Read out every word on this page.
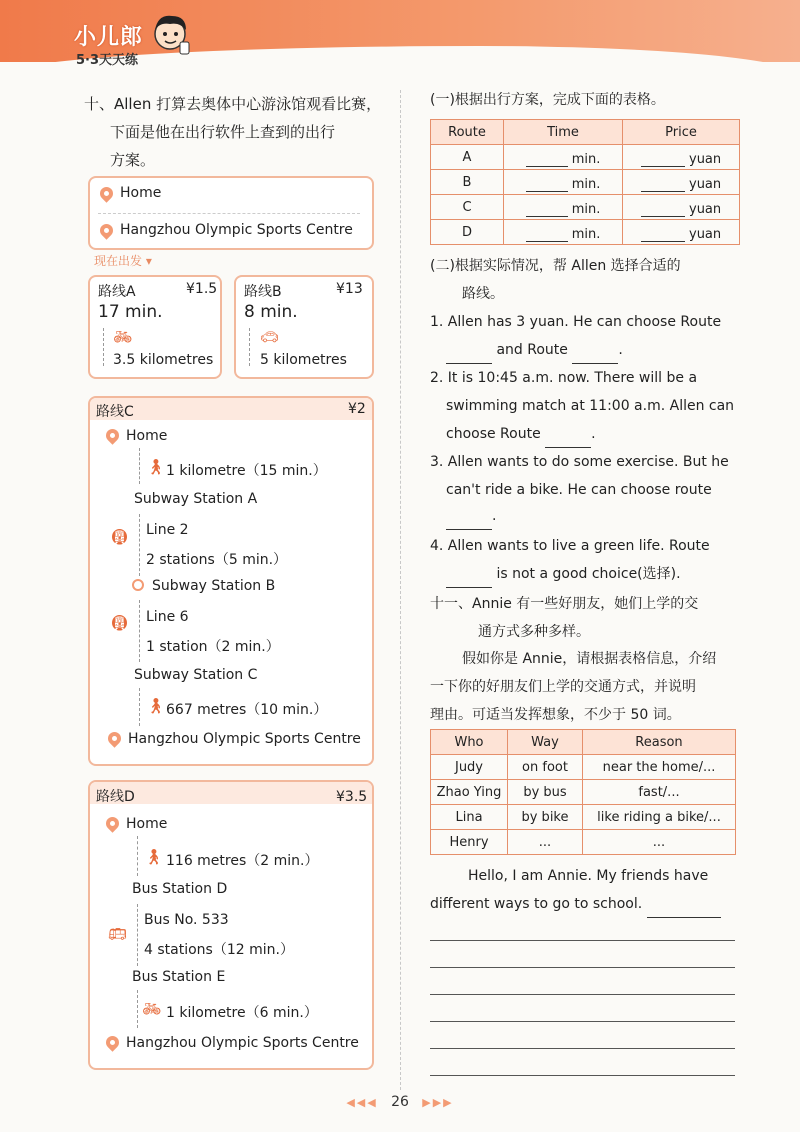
小儿郎
5·3天天练
十、Allen 打算去奥体中心游泳馆观看比赛，
下面是他在出行软件上查到的出行
方案。
Home
Hangzhou Olympic Sports Centre
现在出发 ▾
路线A	¥1.5
17 min.
🚲︎
3.5 kilometres
路线B	¥13
8 min.
🚗︎
5 kilometres
路线C	¥2
Home
🚶︎ 1 kilometre（15 min.）
Subway Station A
🚇︎ Line 2
2 stations（5 min.）
Subway Station B
🚇︎ Line 6
1 station（2 min.）
Subway Station C
🚶︎ 667 metres（10 min.）
Hangzhou Olympic Sports Centre
路线D	¥3.5
Home
🚶︎ 116 metres（2 min.）
Bus Station D
🚌︎
Bus No. 533
4 stations（12 min.）
Bus Station E
🚲︎ 1 kilometre（6 min.）
Hangzhou Olympic Sports Centre
(一)根据出行方案，完成下面的表格。
Route	Time	Price
A	min.	yuan
B	min.	yuan
C	min.	yuan
D	min.	yuan
(二)根据实际情况，帮 Allen 选择合适的
路线。
1. Allen has 3 yuan. He can choose Route
and Route	.
2. It is 10:45 a.m. now. There will be a
swimming match at 11:00 a.m. Allen can
choose Route	.
3. Allen wants to do some exercise. But he
can't ride a bike. He can choose route
.
4. Allen wants to live a green life. Route
is not a good choice(选择).
十一、Annie 有一些好朋友，她们上学的交
通方式多种多样。
假如你是 Annie，请根据表格信息，介绍
一下你的好朋友们上学的交通方式，并说明
理由。可适当发挥想象，不少于 50 词。
Who	Way	Reason
Judy	on foot	near the home/...
Zhao Ying	by bus	fast/...
Lina	by bike	like riding a bike/...
Henry	...	...
Hello, I am Annie. My friends have
different ways to go to school.
◀◀◀ 26 ▶▶▶
